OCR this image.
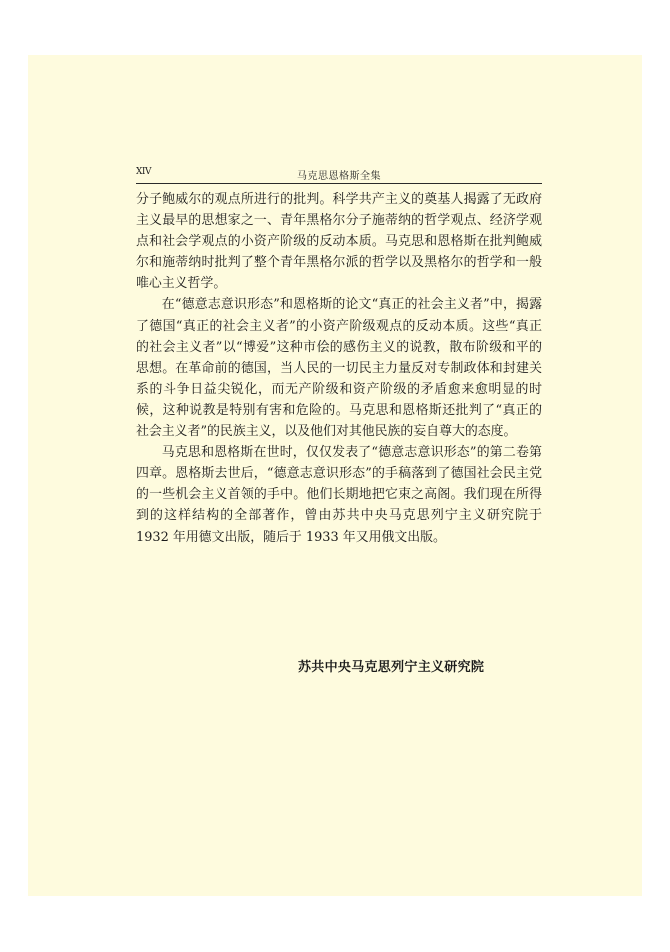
XIV	马克思恩格斯全集

分子鲍威尔的观点所进行的批判。科学共产主义的奠基人揭露了无政府主义最早的思想家之一、青年黑格尔分子施蒂纳的哲学观点、经济学观点和社会学观点的小资产阶级的反动本质。马克思和恩格斯在批判鲍威尔和施蒂纳时批判了整个青年黑格尔派的哲学以及黑格尔的哲学和一般唯心主义哲学。

在“德意志意识形态”和恩格斯的论文“真正的社会主义者”中，揭露了德国“真正的社会主义者”的小资产阶级观点的反动本质。这些“真正的社会主义者”以“博爱”这种市侩的感伤主义的说教，散布阶级和平的思想。在革命前的德国，当人民的一切民主力量反对专制政体和封建关系的斗争日益尖锐化，而无产阶级和资产阶级的矛盾愈来愈明显的时候，这种说教是特别有害和危险的。马克思和恩格斯还批判了“真正的社会主义者”的民族主义，以及他们对其他民族的妄自尊大的态度。

马克思和恩格斯在世时，仅仅发表了“德意志意识形态”的第二卷第四章。恩格斯去世后，“德意志意识形态”的手稿落到了德国社会民主党的一些机会主义首领的手中。他们长期地把它束之高阁。我们现在所得到的这样结构的全部著作，曾由苏共中央马克思列宁主义研究院于 1932 年用德文出版，随后于 1933 年又用俄文出版。

苏共中央马克思列宁主义研究院
